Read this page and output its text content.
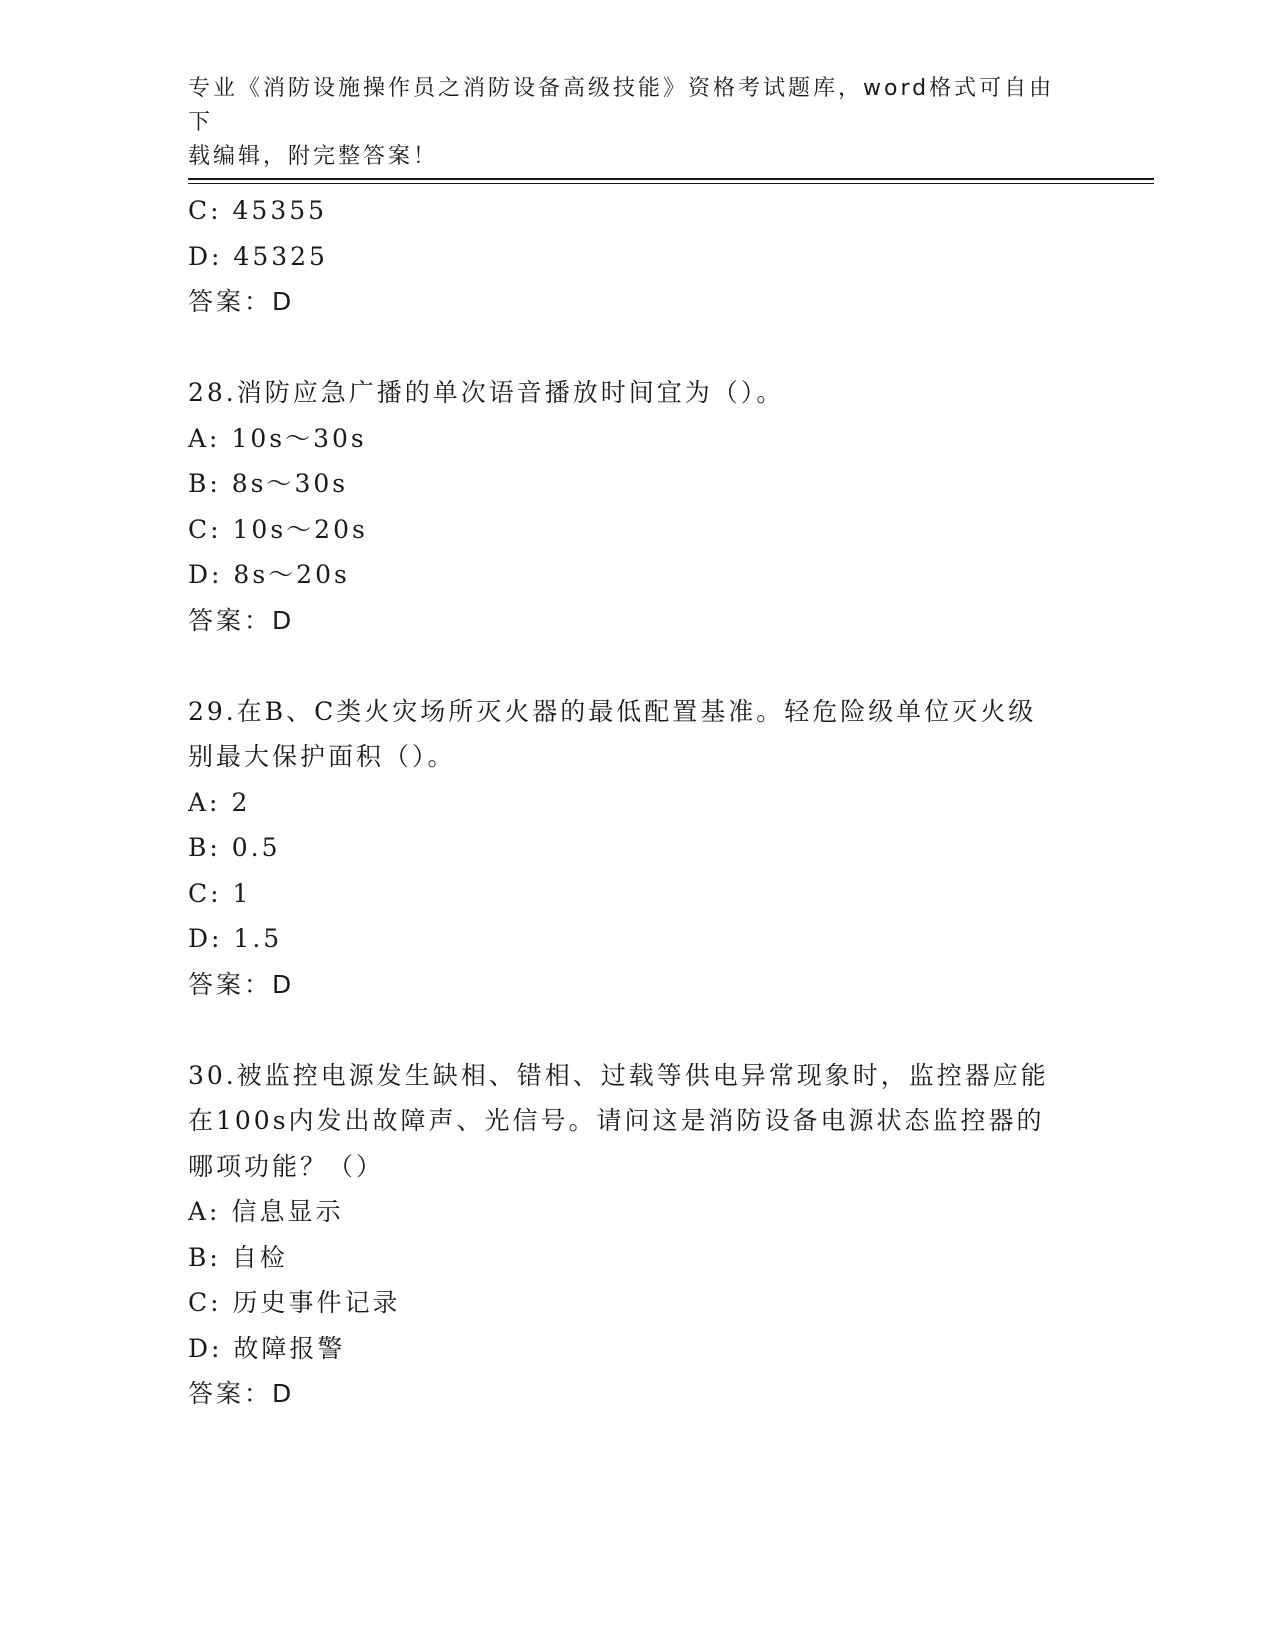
专业《消防设施操作员之消防设备高级技能》资格考试题库，word格式可自由下
载编辑，附完整答案！
C: 45355
D: 45325
答案：D
28.消防应急广播的单次语音播放时间宜为（）。
A: 10s～30s
B: 8s～30s
C: 10s～20s
D: 8s～20s
答案：D
29.在B、C类火灾场所灭火器的最低配置基准。轻危险级单位灭火级
别最大保护面积（）。
A: 2
B: 0.5
C: 1
D: 1.5
答案：D
30.被监控电源发生缺相、错相、过载等供电异常现象时，监控器应能
在100s内发出故障声、光信号。请问这是消防设备电源状态监控器的
哪项功能？（）
A: 信息显示
B: 自检
C: 历史事件记录
D: 故障报警
答案：D
